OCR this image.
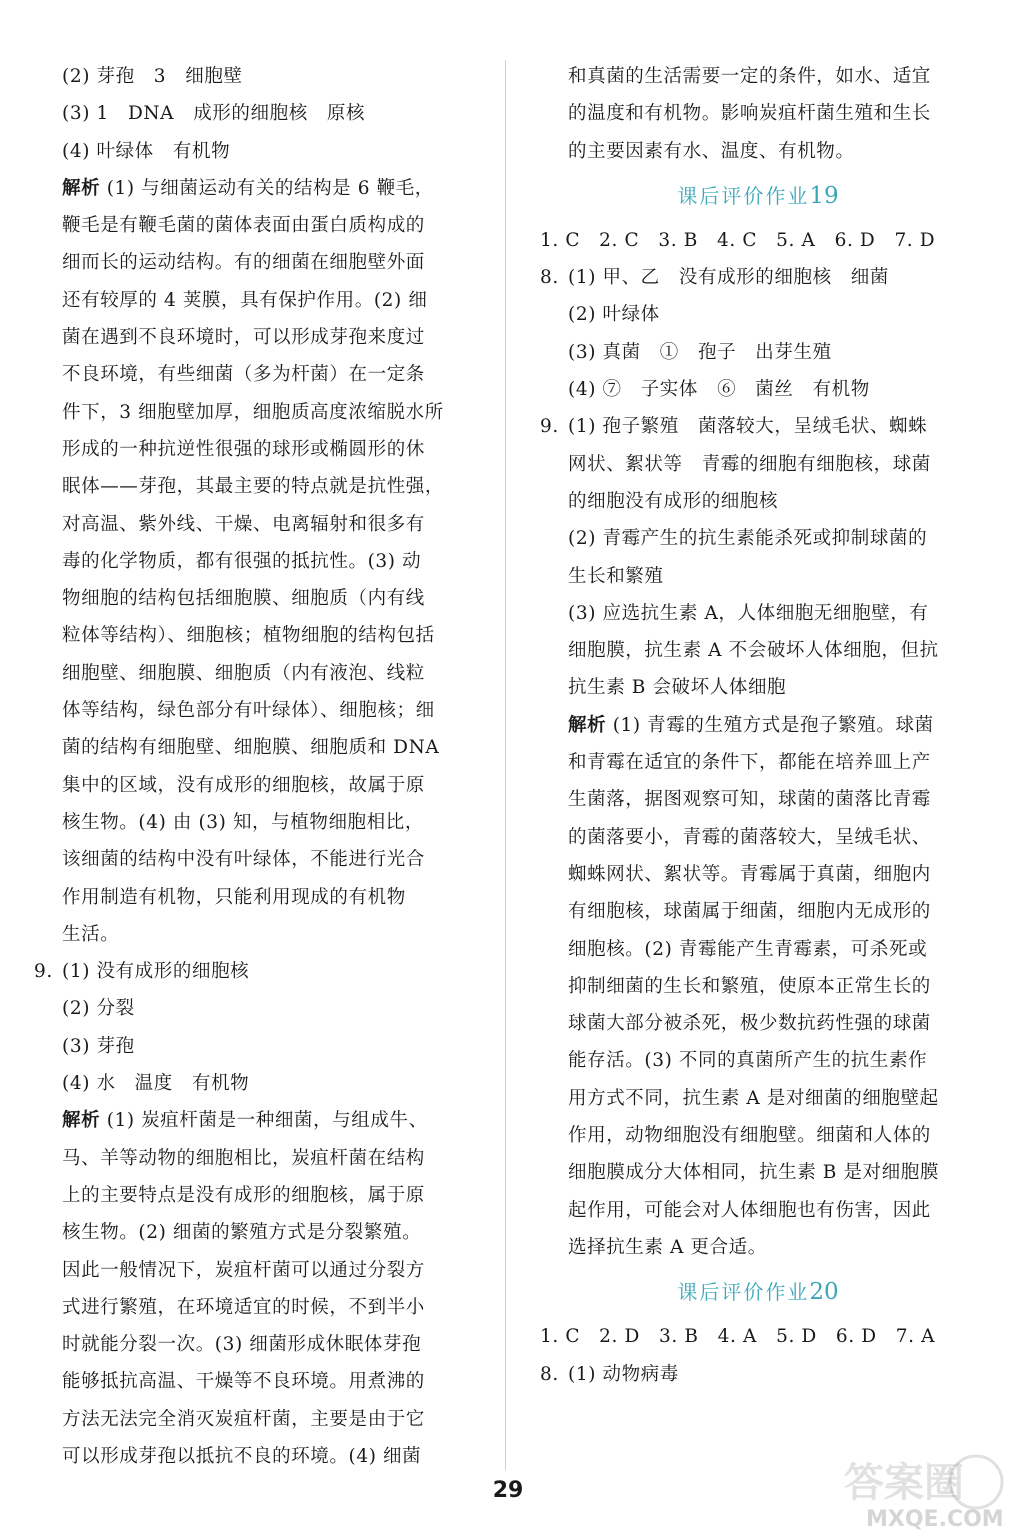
(2) 芽孢　3　细胞壁
(3) 1　DNA　成形的细胞核　原核
(4) 叶绿体　有机物
解析 (1) 与细菌运动有关的结构是 6 鞭毛，
鞭毛是有鞭毛菌的菌体表面由蛋白质构成的
细而长的运动结构。有的细菌在细胞壁外面
还有较厚的 4 荚膜，具有保护作用。(2) 细
菌在遇到不良环境时，可以形成芽孢来度过
不良环境，有些细菌（多为杆菌）在一定条
件下，3 细胞壁加厚，细胞质高度浓缩脱水所
形成的一种抗逆性很强的球形或椭圆形的休
眠体——芽孢，其最主要的特点就是抗性强，
对高温、紫外线、干燥、电离辐射和很多有
毒的化学物质，都有很强的抵抗性。(3) 动
物细胞的结构包括细胞膜、细胞质（内有线
粒体等结构）、细胞核；植物细胞的结构包括
细胞壁、细胞膜、细胞质（内有液泡、线粒
体等结构，绿色部分有叶绿体）、细胞核；细
菌的结构有细胞壁、细胞膜、细胞质和 DNA
集中的区域，没有成形的细胞核，故属于原
核生物。(4) 由 (3) 知，与植物细胞相比，
该细菌的结构中没有叶绿体，不能进行光合
作用制造有机物，只能利用现成的有机物
生活。
9. (1) 没有成形的细胞核
(2) 分裂
(3) 芽孢
(4) 水　温度　有机物
解析 (1) 炭疽杆菌是一种细菌，与组成牛、
马、羊等动物的细胞相比，炭疽杆菌在结构
上的主要特点是没有成形的细胞核，属于原
核生物。(2) 细菌的繁殖方式是分裂繁殖。
因此一般情况下，炭疽杆菌可以通过分裂方
式进行繁殖，在环境适宜的时候，不到半小
时就能分裂一次。(3) 细菌形成休眠体芽孢
能够抵抗高温、干燥等不良环境。用煮沸的
方法无法完全消灭炭疽杆菌，主要是由于它
可以形成芽孢以抵抗不良的环境。(4) 细菌
和真菌的生活需要一定的条件，如水、适宜
的温度和有机物。影响炭疽杆菌生殖和生长
的主要因素有水、温度、有机物。
课后评价作业19
1. C　2. C　3. B　4. C　5. A　6. D　7. D
8. (1) 甲、乙　没有成形的细胞核　细菌
(2) 叶绿体
(3) 真菌　①　孢子　出芽生殖
(4) ⑦　子实体　⑥　菌丝　有机物
9. (1) 孢子繁殖　菌落较大，呈绒毛状、蜘蛛
网状、絮状等　青霉的细胞有细胞核，球菌
的细胞没有成形的细胞核
(2) 青霉产生的抗生素能杀死或抑制球菌的
生长和繁殖
(3) 应选抗生素 A，人体细胞无细胞壁，有
细胞膜，抗生素 A 不会破坏人体细胞，但抗
抗生素 B 会破坏人体细胞
解析 (1) 青霉的生殖方式是孢子繁殖。球菌
和青霉在适宜的条件下，都能在培养皿上产
生菌落，据图观察可知，球菌的菌落比青霉
的菌落要小，青霉的菌落较大，呈绒毛状、
蜘蛛网状、絮状等。青霉属于真菌，细胞内
有细胞核，球菌属于细菌，细胞内无成形的
细胞核。(2) 青霉能产生青霉素，可杀死或
抑制细菌的生长和繁殖，使原本正常生长的
球菌大部分被杀死，极少数抗药性强的球菌
能存活。(3) 不同的真菌所产生的抗生素作
用方式不同，抗生素 A 是对细菌的细胞壁起
作用，动物细胞没有细胞壁。细菌和人体的
细胞膜成分大体相同，抗生素 B 是对细胞膜
起作用，可能会对人体细胞也有伤害，因此
选择抗生素 A 更合适。
课后评价作业20
1. C　2. D　3. B　4. A　5. D　6. D　7. A
8. (1) 动物病毒
29	答案圈
MXQE.COM
